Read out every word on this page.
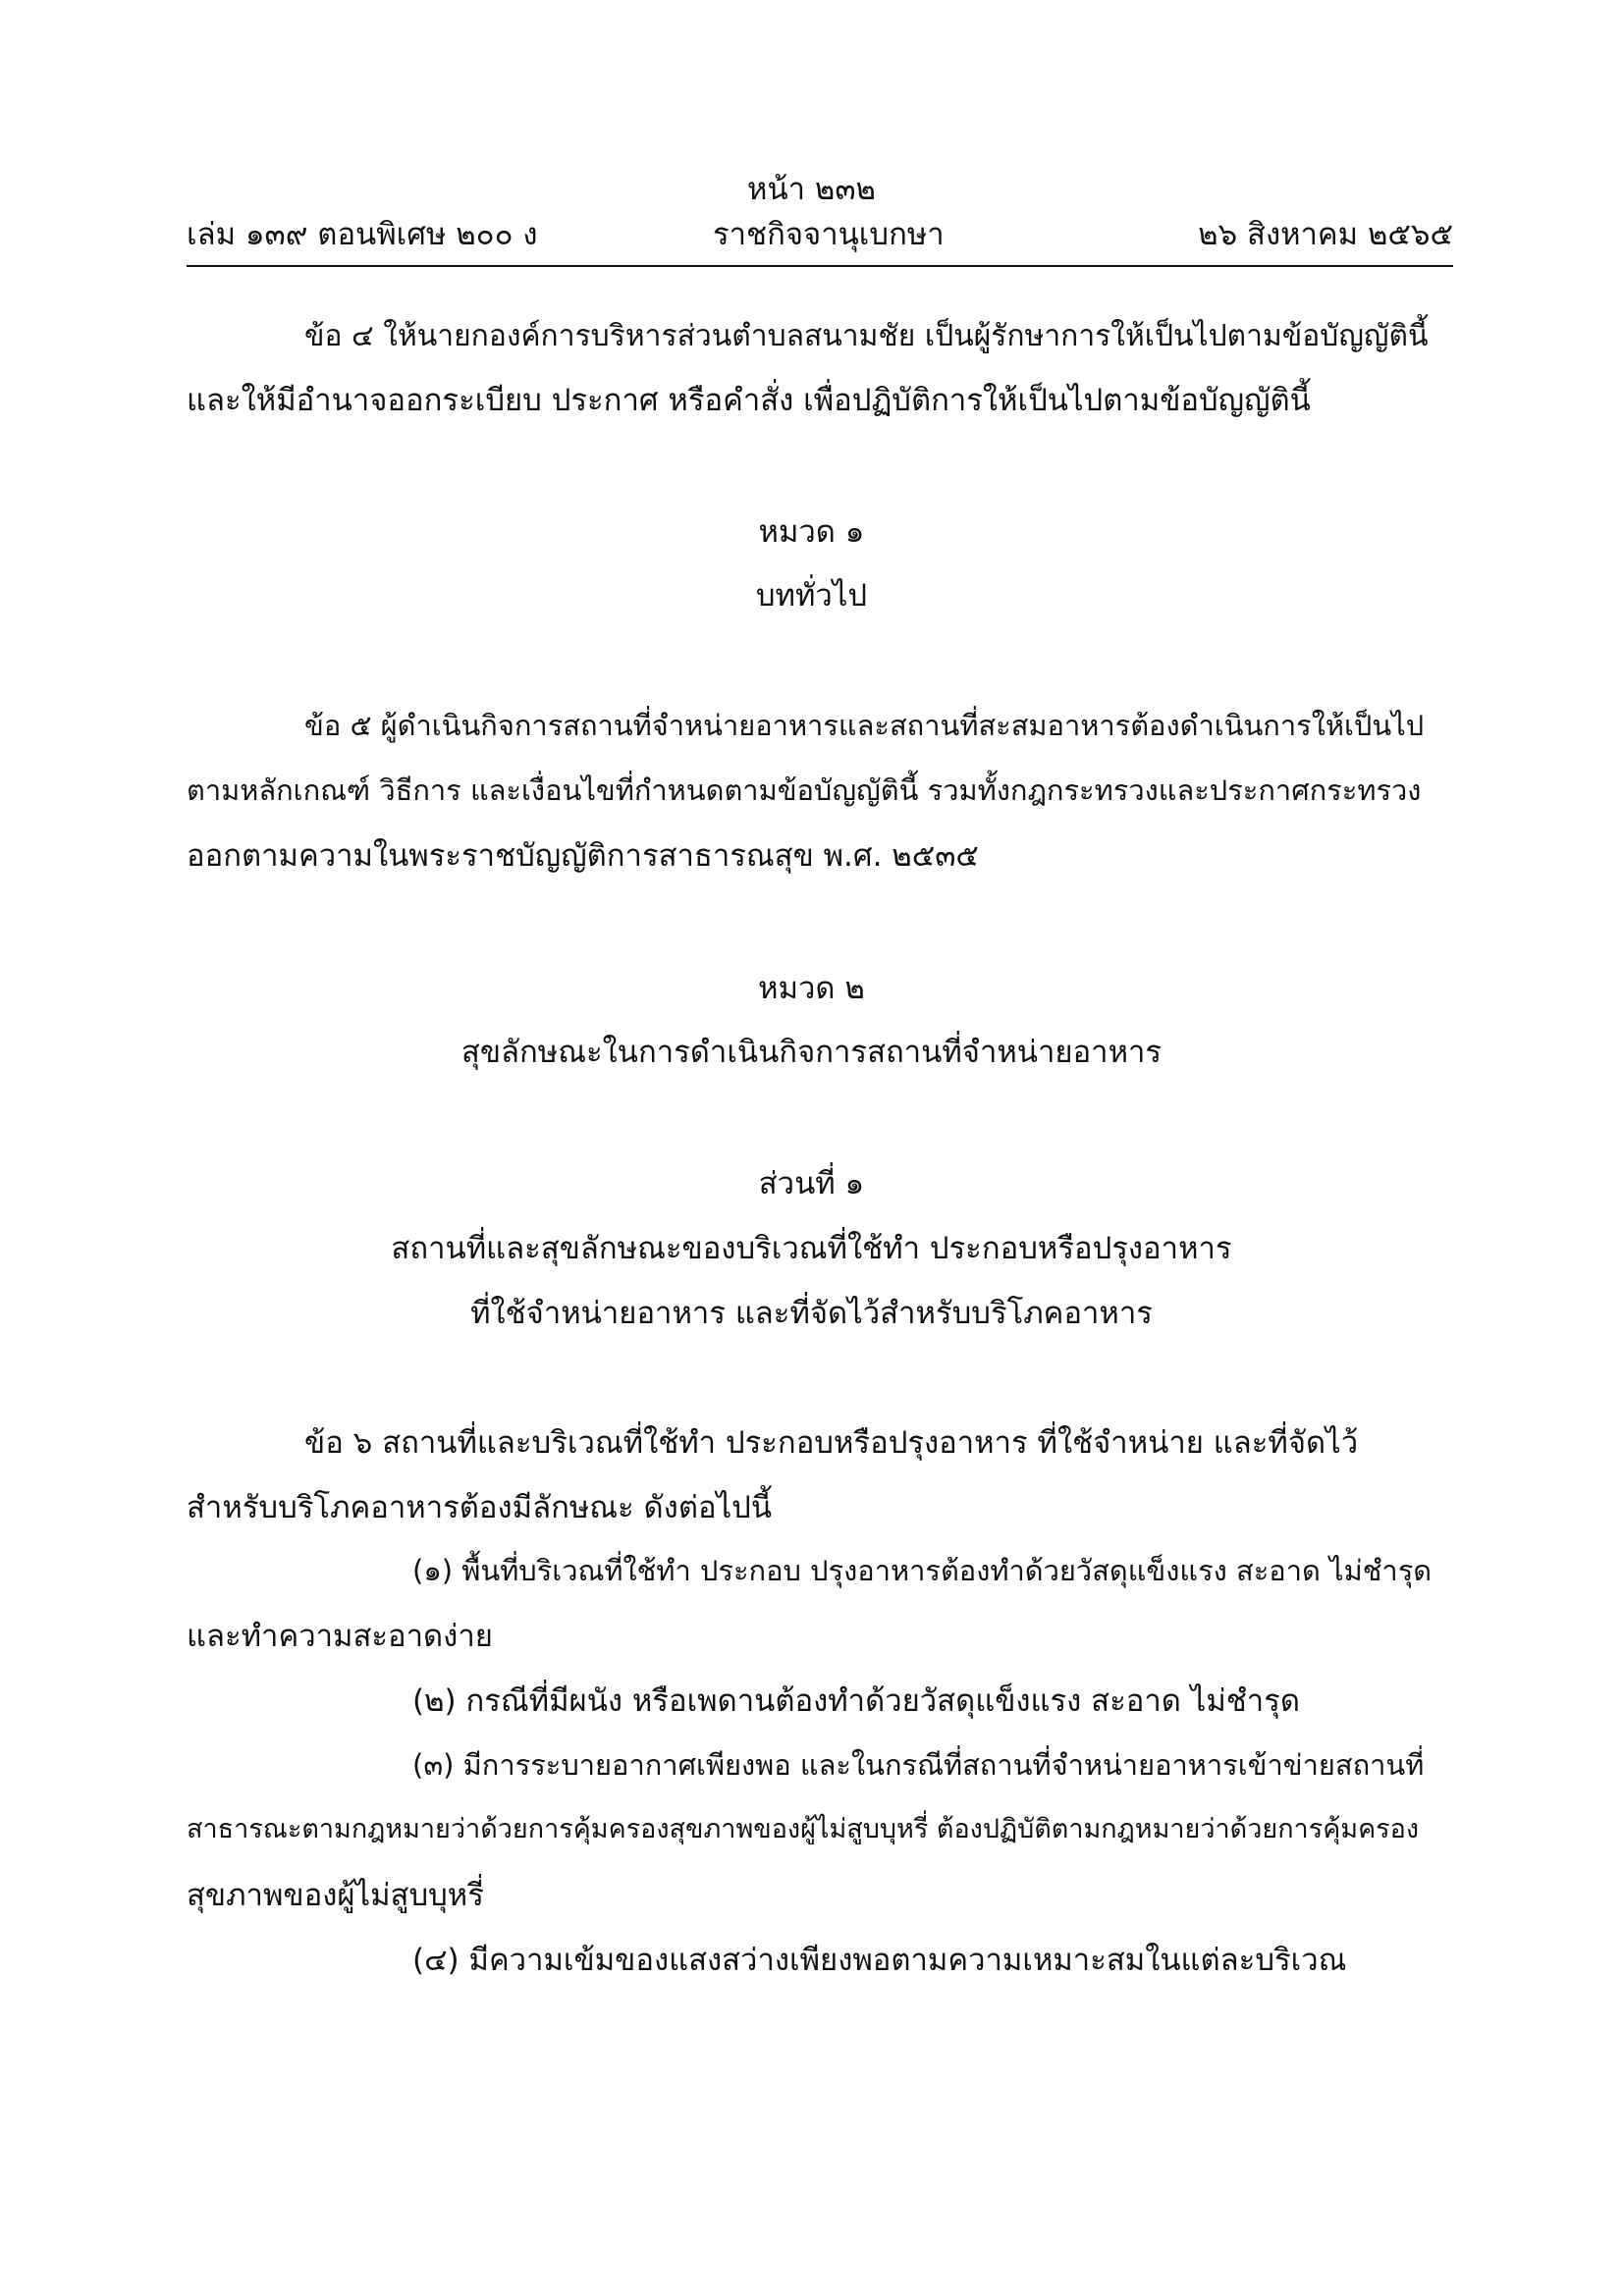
หน้า ๒๓๒
เล่ม ๑๓๙ ตอนพิเศษ ๒๐๐ ง	ราชกิจจานุเบกษา	๒๖ สิงหาคม ๒๕๖๕
ข้อ ๔ ให้นายกองค์การบริหารส่วนตำบลสนามชัย เป็นผู้รักษาการให้เป็นไปตามข้อบัญญัตินี้
และให้มีอำนาจออกระเบียบ ประกาศ หรือคำสั่ง เพื่อปฏิบัติการให้เป็นไปตามข้อบัญญัตินี้
หมวด ๑
บททั่วไป
ข้อ ๕ ผู้ดำเนินกิจการสถานที่จำหน่ายอาหารและสถานที่สะสมอาหารต้องดำเนินการให้เป็นไป
ตามหลักเกณฑ์ วิธีการ และเงื่อนไขที่กำหนดตามข้อบัญญัตินี้ รวมทั้งกฎกระทรวงและประกาศกระทรวง
ออกตามความในพระราชบัญญัติการสาธารณสุข พ.ศ. ๒๕๓๕
หมวด ๒
สุขลักษณะในการดำเนินกิจการสถานที่จำหน่ายอาหาร
ส่วนที่ ๑
สถานที่และสุขลักษณะของบริเวณที่ใช้ทำ ประกอบหรือปรุงอาหาร
ที่ใช้จำหน่ายอาหาร และที่จัดไว้สำหรับบริโภคอาหาร
ข้อ ๖ สถานที่และบริเวณที่ใช้ทำ ประกอบหรือปรุงอาหาร ที่ใช้จำหน่าย และที่จัดไว้
สำหรับบริโภคอาหารต้องมีลักษณะ ดังต่อไปนี้
(๑) พื้นที่บริเวณที่ใช้ทำ ประกอบ ปรุงอาหารต้องทำด้วยวัสดุแข็งแรง สะอาด ไม่ชำรุด
และทำความสะอาดง่าย
(๒) กรณีที่มีผนัง หรือเพดานต้องทำด้วยวัสดุแข็งแรง สะอาด ไม่ชำรุด
(๓) มีการระบายอากาศเพียงพอ และในกรณีที่สถานที่จำหน่ายอาหารเข้าข่ายสถานที่
สาธารณะตามกฎหมายว่าด้วยการคุ้มครองสุขภาพของผู้ไม่สูบบุหรี่ ต้องปฏิบัติตามกฎหมายว่าด้วยการคุ้มครอง
สุขภาพของผู้ไม่สูบบุหรี่
(๔) มีความเข้มของแสงสว่างเพียงพอตามความเหมาะสมในแต่ละบริเวณ
